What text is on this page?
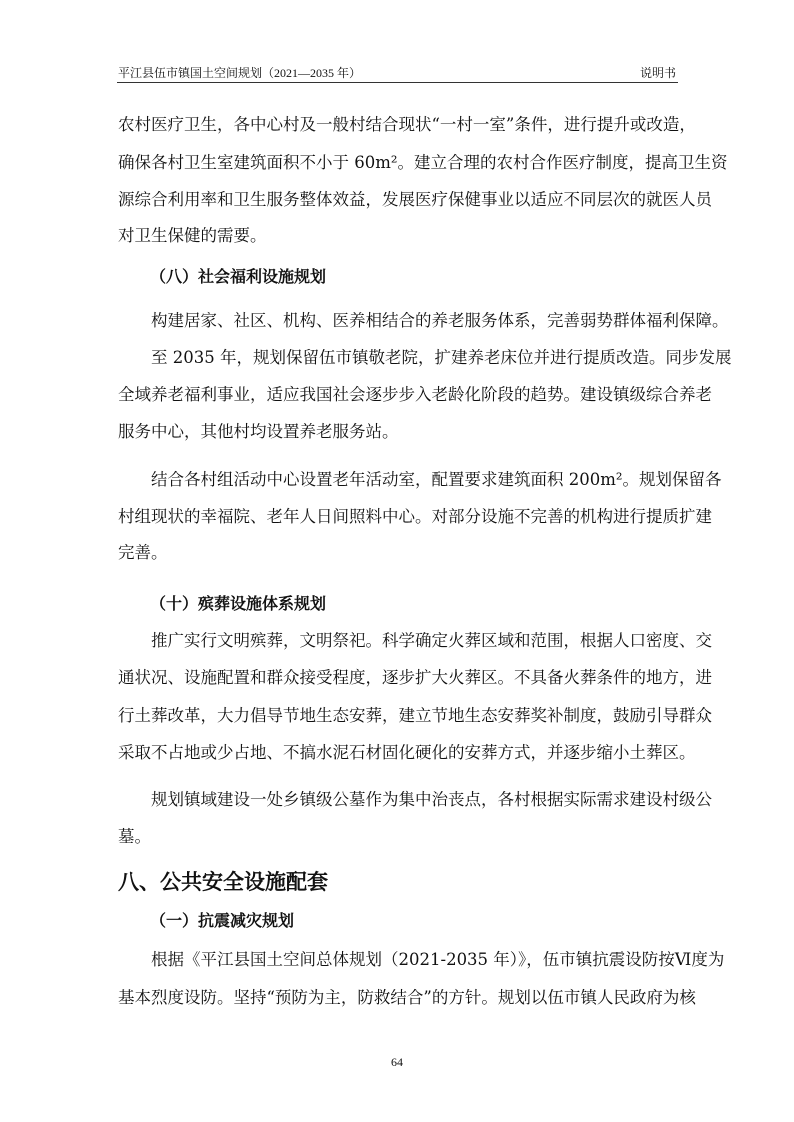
平江县伍市镇国土空间规划（2021—2035 年）	说明书
农村医疗卫生，各中心村及一般村结合现状“一村一室”条件，进行提升或改造，
确保各村卫生室建筑面积不小于 60m²。建立合理的农村合作医疗制度，提高卫生资
源综合利用率和卫生服务整体效益，发展医疗保健事业以适应不同层次的就医人员
对卫生保健的需要。
（八）社会福利设施规划
构建居家、社区、机构、医养相结合的养老服务体系，完善弱势群体福利保障。
至 2035 年，规划保留伍市镇敬老院，扩建养老床位并进行提质改造。同步发展
全域养老福利事业，适应我国社会逐步步入老龄化阶段的趋势。建设镇级综合养老
服务中心，其他村均设置养老服务站。
结合各村组活动中心设置老年活动室，配置要求建筑面积 200m²。规划保留各
村组现状的幸福院、老年人日间照料中心。对部分设施不完善的机构进行提质扩建
完善。
（十）殡葬设施体系规划
推广实行文明殡葬，文明祭祀。科学确定火葬区域和范围，根据人口密度、交
通状况、设施配置和群众接受程度，逐步扩大火葬区。不具备火葬条件的地方，进
行土葬改革，大力倡导节地生态安葬，建立节地生态安葬奖补制度，鼓励引导群众
采取不占地或少占地、不搞水泥石材固化硬化的安葬方式，并逐步缩小土葬区。
规划镇域建设一处乡镇级公墓作为集中治丧点，各村根据实际需求建设村级公
墓。
八、公共安全设施配套
（一）抗震减灾规划
根据《平江县国土空间总体规划（2021-2035 年）》，伍市镇抗震设防按Ⅵ度为
基本烈度设防。坚持“预防为主，防救结合”的方针。规划以伍市镇人民政府为核
64
